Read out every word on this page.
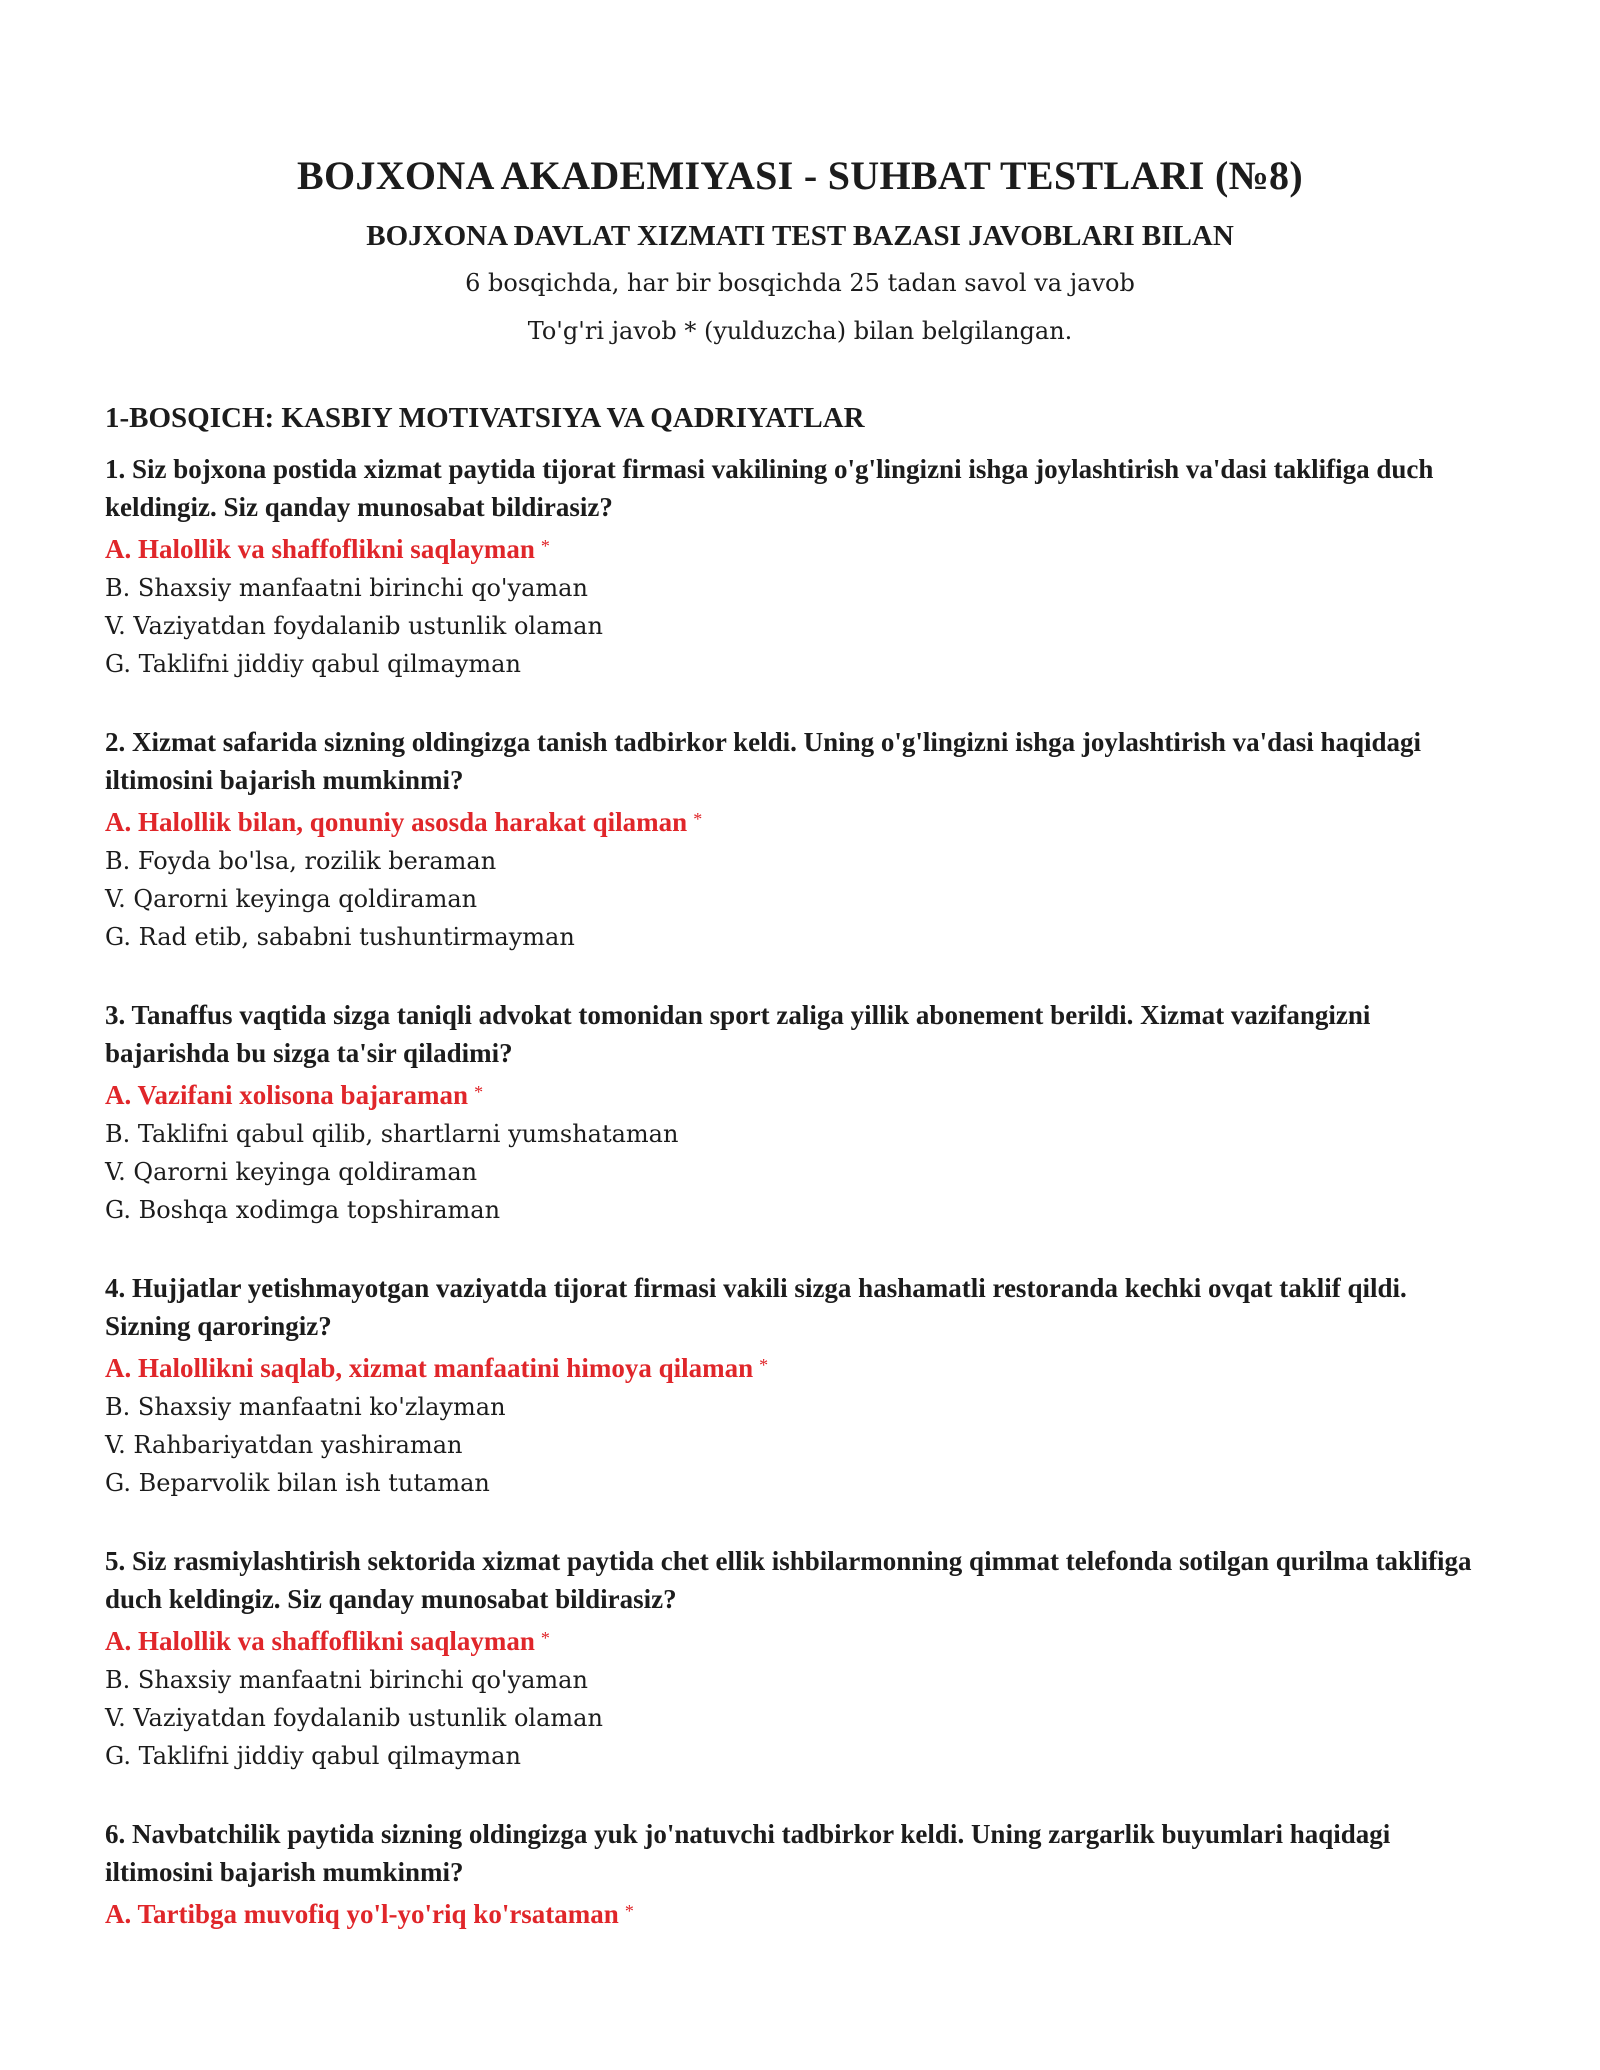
BOJXONA AKADEMIYASI - SUHBAT TESTLARI (№8)
BOJXONA DAVLAT XIZMATI TEST BAZASI JAVOBLARI BILAN

6 bosqichda, har bir bosqichda 25 tadan savol va javob

To'g'ri javob * (yulduzcha) bilan belgilangan.

1-BOSQICH: KASBIY MOTIVATSIYA VA QADRIYATLAR

1. Siz bojxona postida xizmat paytida tijorat firmasi vakilining o'g'lingizni ishga joylashtirish va'dasi taklifiga duch keldingiz. Siz qanday munosabat bildirasiz?

A. Halollik va shaffoflikni saqlayman *

B. Shaxsiy manfaatni birinchi qo'yaman

V. Vaziyatdan foydalanib ustunlik olaman

G. Taklifni jiddiy qabul qilmayman

2. Xizmat safarida sizning oldingizga tanish tadbirkor keldi. Uning o'g'lingizni ishga joylashtirish va'dasi haqidagi iltimosini bajarish mumkinmi?

A. Halollik bilan, qonuniy asosda harakat qilaman *

B. Foyda bo'lsa, rozilik beraman

V. Qarorni keyinga qoldiraman

G. Rad etib, sababni tushuntirmayman

3. Tanaffus vaqtida sizga taniqli advokat tomonidan sport zaliga yillik abonement berildi. Xizmat vazifangizni bajarishda bu sizga ta'sir qiladimi?

A. Vazifani xolisona bajaraman *

B. Taklifni qabul qilib, shartlarni yumshataman

V. Qarorni keyinga qoldiraman

G. Boshqa xodimga topshiraman

4. Hujjatlar yetishmayotgan vaziyatda tijorat firmasi vakili sizga hashamatli restoranda kechki ovqat taklif qildi. Sizning qaroringiz?

A. Halollikni saqlab, xizmat manfaatini himoya qilaman *

B. Shaxsiy manfaatni ko'zlayman

V. Rahbariyatdan yashiraman

G. Beparvolik bilan ish tutaman

5. Siz rasmiylashtirish sektorida xizmat paytida chet ellik ishbilarmonning qimmat telefonda sotilgan qurilma taklifiga duch keldingiz. Siz qanday munosabat bildirasiz?

A. Halollik va shaffoflikni saqlayman *

B. Shaxsiy manfaatni birinchi qo'yaman

V. Vaziyatdan foydalanib ustunlik olaman

G. Taklifni jiddiy qabul qilmayman

6. Navbatchilik paytida sizning oldingizga yuk jo'natuvchi tadbirkor keldi. Uning zargarlik buyumlari haqidagi iltimosini bajarish mumkinmi?

A. Tartibga muvofiq yo'l-yo'riq ko'rsataman *
